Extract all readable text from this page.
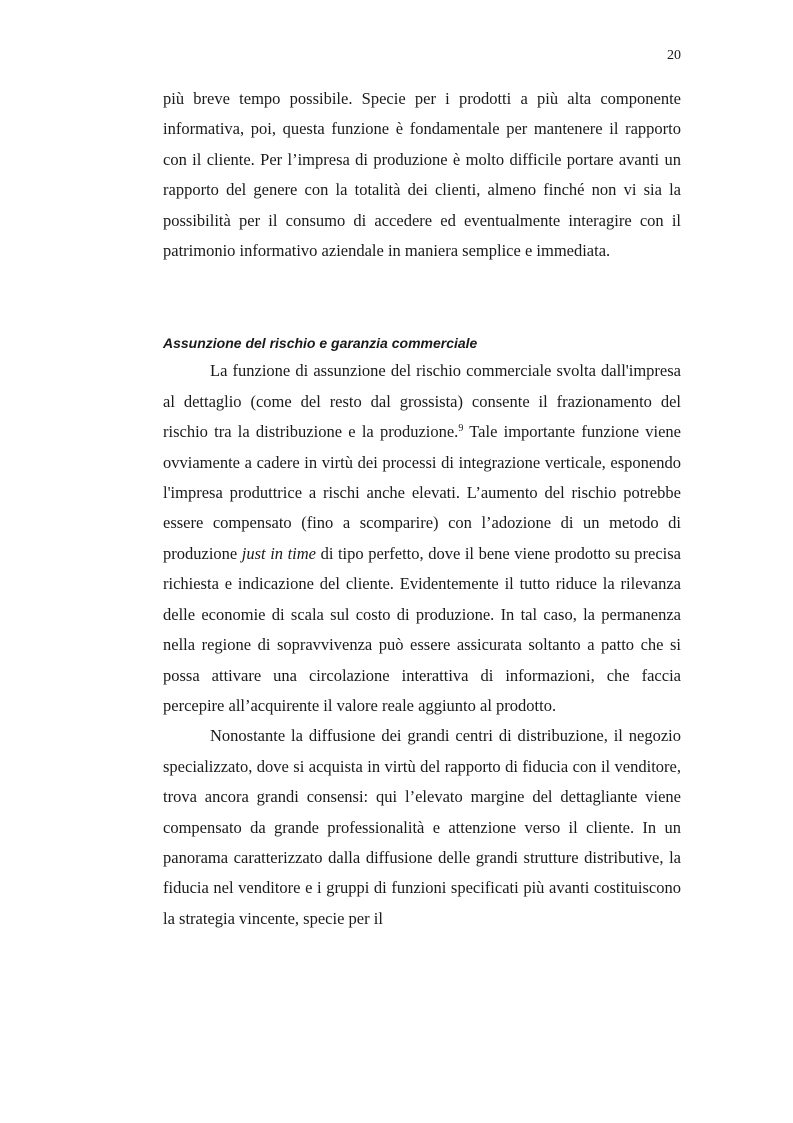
20

più breve tempo possibile. Specie per i prodotti a più alta componente informativa, poi, questa funzione è fondamentale per mantenere il rapporto con il cliente. Per l’impresa di produzione è molto difficile portare avanti un rapporto del genere con la totalità dei clienti, almeno finché non vi sia la possibilità per il consumo di accedere ed eventualmente interagire con il patrimonio informativo aziendale in maniera semplice e immediata.

Assunzione del rischio e garanzia commerciale

La funzione di assunzione del rischio commerciale svolta dall'impresa al dettaglio (come del resto dal grossista) consente il frazionamento del rischio tra la distribuzione e la produzione.$^9$ Tale importante funzione viene ovviamente a cadere in virtù dei processi di integrazione verticale, esponendo l'impresa produttrice a rischi anche elevati. L’aumento del rischio potrebbe essere compensato (fino a scomparire) con l’adozione di un metodo di produzione just in time di tipo perfetto, dove il bene viene prodotto su precisa richiesta e indicazione del cliente. Evidentemente il tutto riduce la rilevanza delle economie di scala sul costo di produzione. In tal caso, la permanenza nella regione di sopravvivenza può essere assicurata soltanto a patto che si possa attivare una circolazione interattiva di informazioni, che faccia percepire all’acquirente il valore reale aggiunto al prodotto.

Nonostante la diffusione dei grandi centri di distribuzione, il negozio specializzato, dove si acquista in virtù del rapporto di fiducia con il venditore, trova ancora grandi consensi: qui l’elevato margine del dettagliante viene compensato da grande professionalità e attenzione verso il cliente. In un panorama caratterizzato dalla diffusione delle grandi strutture distributive, la fiducia nel venditore e i gruppi di funzioni specificati più avanti costituiscono la strategia vincente, specie per il
